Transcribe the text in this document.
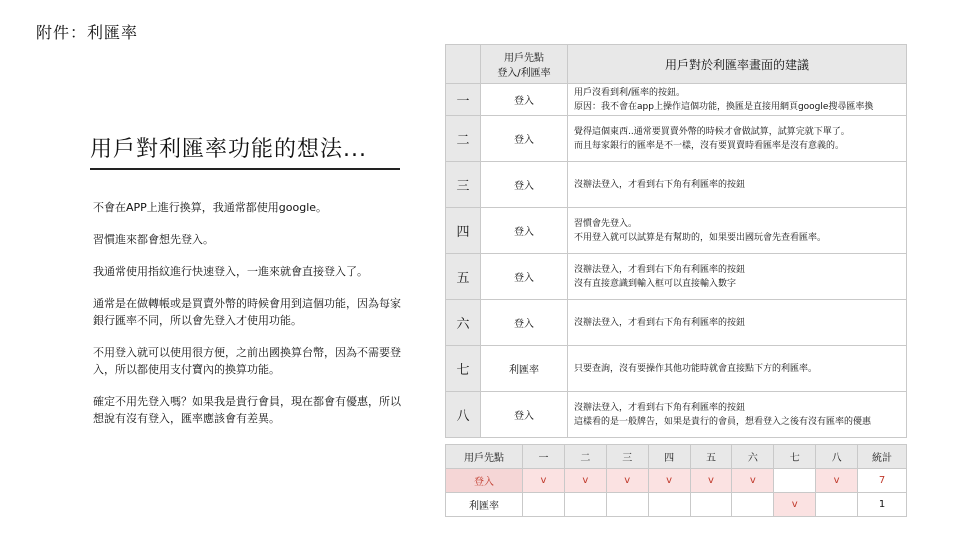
附件：利匯率
用戶對利匯率功能的想法...

不會在APP上進行換算，我通常都使用google。

習慣進來都會想先登入。

我通常使用指紋進行快速登入，一進來就會直接登入了。

通常是在做轉帳或是買賣外幣的時候會用到這個功能，因為每家銀行匯率不同，所以會先登入才使用功能。

不用登入就可以使用很方便，之前出國換算台幣，因為不需要登入，所以都使用支付寶內的換算功能。

確定不用先登入嗎？如果我是貴行會員，現在都會有優惠，所以想說有沒有登入，匯率應該會有差異。

	用戶先點
登入/利匯率	用戶對於利匯率畫面的建議
一	登入	用戶沒看到利/匯率的按鈕。
原因：我不會在app上操作這個功能，換匯是直接用網頁google搜尋匯率換
二	登入	覺得這個東西..通常要買賣外幣的時候才會做試算，試算完就下單了。
而且每家銀行的匯率是不一樣，沒有要買賣時看匯率是沒有意義的。
三	登入	沒辦法登入，才看到右下角有利匯率的按鈕
四	登入	習慣會先登入。
不用登入就可以試算是有幫助的，如果要出國玩會先查看匯率。
五	登入	沒辦法登入，才看到右下角有利匯率的按鈕
沒有直接意識到輸入框可以直接輸入數字
六	登入	沒辦法登入，才看到右下角有利匯率的按鈕
七	利匯率	只要查詢，沒有要操作其他功能時就會直接點下方的利匯率。
八	登入	沒辦法登入，才看到右下角有利匯率的按鈕
這樣看的是一般牌告，如果是貴行的會員，想看登入之後有沒有匯率的優惠
用戶先點	一	二	三	四	五	六	七	八	統計
登入	v	v	v	v	v	v		v	7
利匯率							v		1
